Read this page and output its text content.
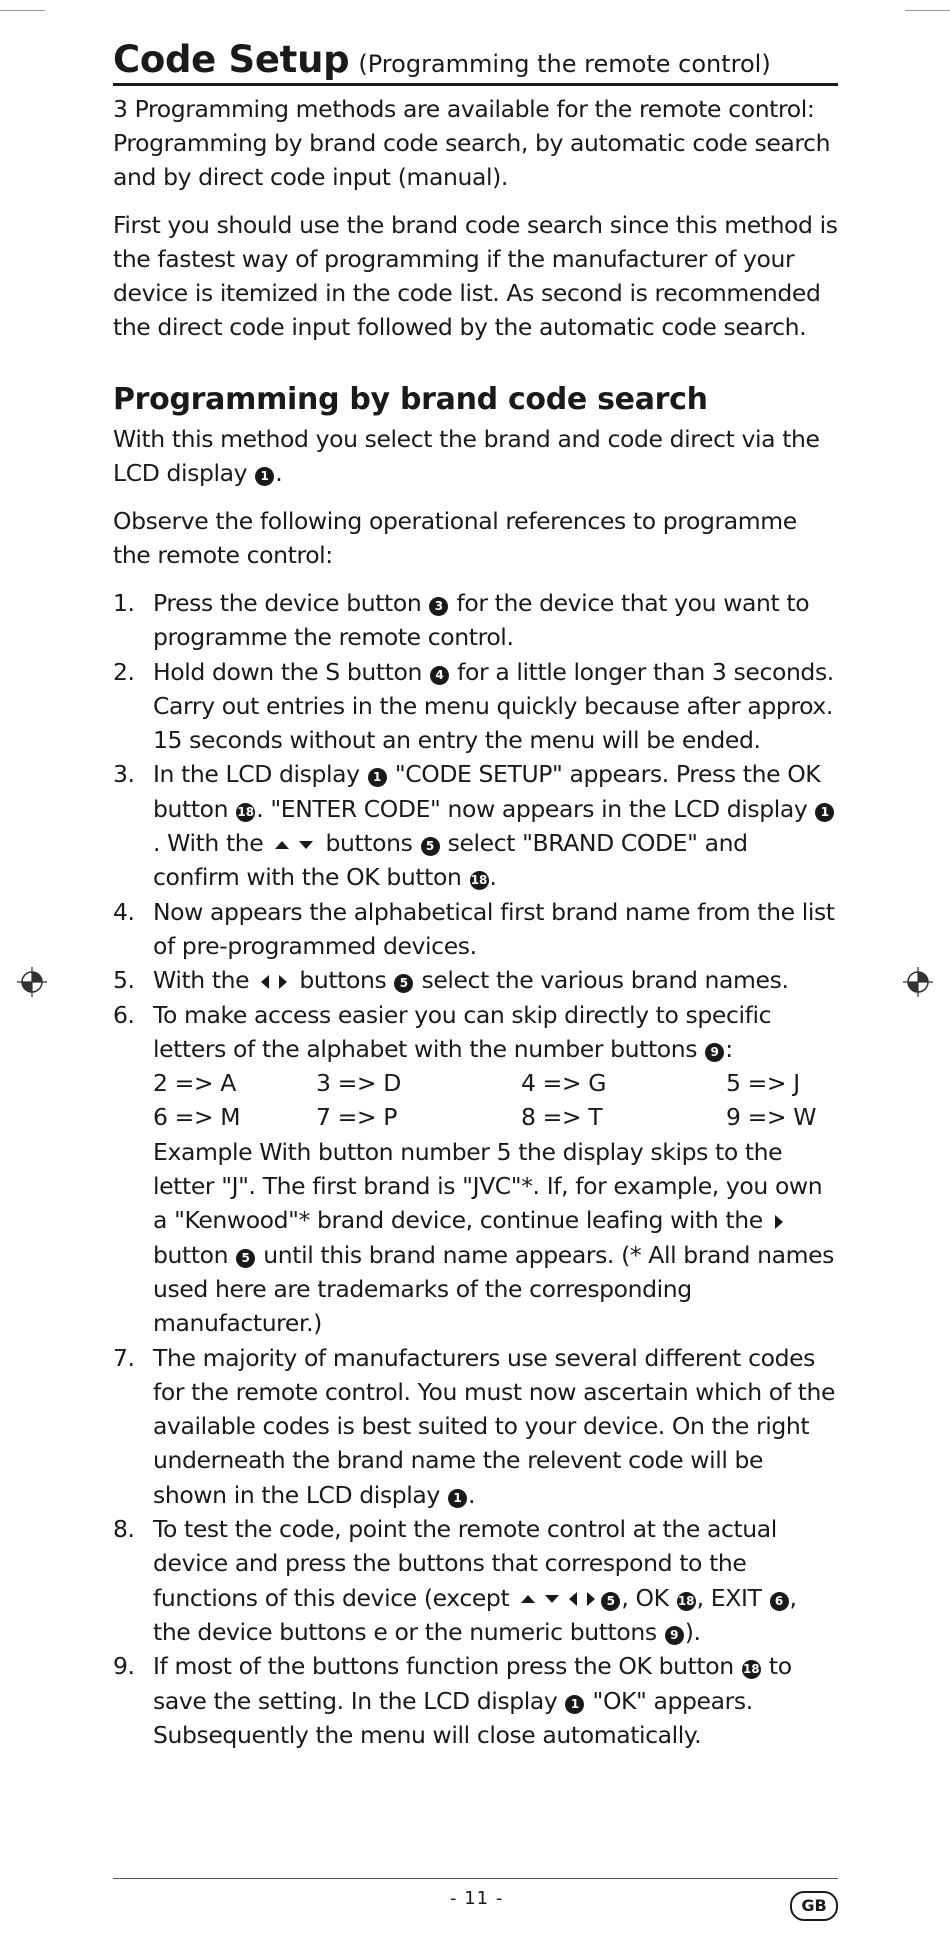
Code Setup (Programming the remote control)

3 Programming methods are available for the remote control: Programming by brand code search, by automatic code search and by direct code input (manual).

First you should use the brand code search since this method is the fastest way of programming if the manufacturer of your device is itemized in the code list. As second is recommended the direct code input followed by the automatic code search.

Programming by brand code search

With this method you select the brand and code direct via the LCD display 1 .

Observe the following operational references to programme the remote control:

1. Press the device button 3 for the device that you want to programme the remote control.
2. Hold down the S button 4 for a little longer than 3 seconds. Carry out entries in the menu quickly because after approx. 15 seconds without an entry the menu will be ended.
3. In the LCD display 1 "CODE SETUP" appears. Press the OK button 18. "ENTER CODE" now appears in the LCD display 1. With the	buttons 5 select "BRAND CODE" and confirm with the OK button 18.
4. Now appears the alphabetical first brand name from the list of pre-programmed devices.
5. With the buttons 5 select the various brand names.
6. To make access easier you can skip directly to specific letters of the alphabet with the number buttons 9 :
2 => A	3 => D	4 => G	5 => J
6 => M	7 => P	8 => T	9 => W
Example With button number 5 the display skips to the letter "J". The first brand is "JVC"*. If, for example, you own a "Kenwood"* brand device, continue leafing with the  button 5 until this brand name appears. (* All brand names used here are trademarks of the corresponding manufacturer.)
7. The majority of manufacturers use several different codes for the remote control. You must now ascertain which of the available codes is best suited to your device. On the right underneath the brand name the relevent code will be shown in the LCD display 1 .
8. To test the code, point the remote control at the actual device and press the buttons that correspond to the functions of this device (except	5 , OK 18, EXIT 6 , the device buttons e or the numeric buttons 9 ).
9. If most of the buttons function press the OK button 18 to save the setting. In the LCD display 1 "OK" appears. Subsequently the menu will close automatically.
- 11 -	GB
